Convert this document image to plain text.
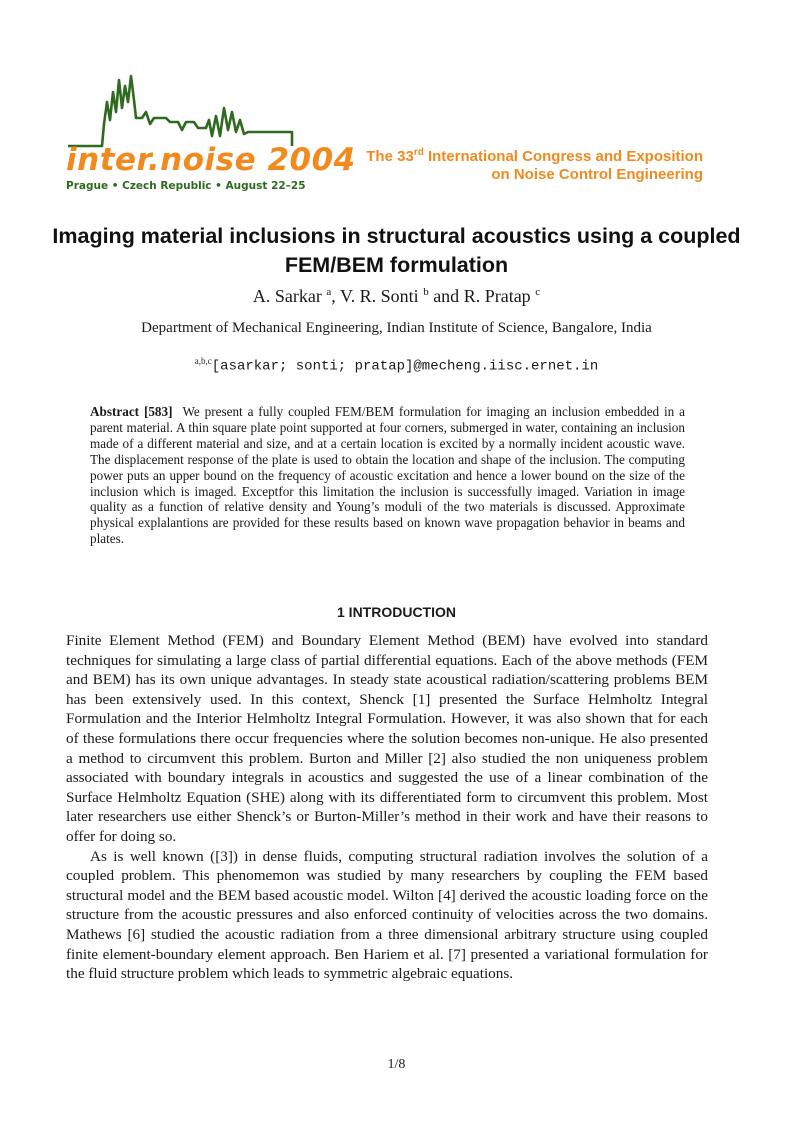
inter.noise 2004
Prague • Czech Republic • August 22–25
The 33rd International Congress and Exposition
on Noise Control Engineering
Imaging material inclusions in structural acoustics using a coupled FEM/BEM formulation
A. Sarkar $^a$, V. R. Sonti $^b$ and R. Pratap $^c$
Department of Mechanical Engineering, Indian Institute of Science, Bangalore, India
$^{a,b,c}$[asarkar; sonti; pratap]@mecheng.iisc.ernet.in
Abstract [583] We present a fully coupled FEM/BEM formulation for imaging an inclusion embedded in a parent material. A thin square plate point supported at four corners, submerged in water, containing an inclusion made of a different material and size, and at a certain location is excited by a normally incident acoustic wave. The displacement response of the plate is used to obtain the location and shape of the inclusion. The computing power puts an upper bound on the frequency of acoustic excitation and hence a lower bound on the size of the inclusion which is imaged. Exceptfor this limitation the inclusion is successfully imaged. Variation in image quality as a function of relative density and Young’s moduli of the two materials is discussed. Approximate physical explalantions are provided for these results based on known wave propagation behavior in beams and plates.
1 INTRODUCTION

Finite Element Method (FEM) and Boundary Element Method (BEM) have evolved into standard techniques for simulating a large class of partial differential equations. Each of the above methods (FEM and BEM) has its own unique advantages. In steady state acoustical radiation/scattering problems BEM has been extensively used. In this context, Shenck [1] presented the Surface Helmholtz Integral Formulation and the Interior Helmholtz Integral Formulation. However, it was also shown that for each of these formulations there occur frequencies where the solution becomes non-unique. He also presented a method to circumvent this problem. Burton and Miller [2] also studied the non uniqueness problem associated with boundary integrals in acoustics and suggested the use of a linear combination of the Surface Helmholtz Equation (SHE) along with its differentiated form to circumvent this problem. Most later researchers use either Shenck’s or Burton-Miller’s method in their work and have their reasons to offer for doing so.

As is well known ([3]) in dense fluids, computing structural radiation involves the solution of a coupled problem. This phenomemon was studied by many researchers by coupling the FEM based structural model and the BEM based acoustic model. Wilton [4] derived the acoustic loading force on the structure from the acoustic pressures and also enforced continuity of velocities across the two domains. Mathews [6] studied the acoustic radiation from a three dimensional arbitrary structure using coupled finite element-boundary element approach. Ben Hariem et al. [7] presented a variational formulation for the fluid structure problem which leads to symmetric algebraic equations.

1/8
